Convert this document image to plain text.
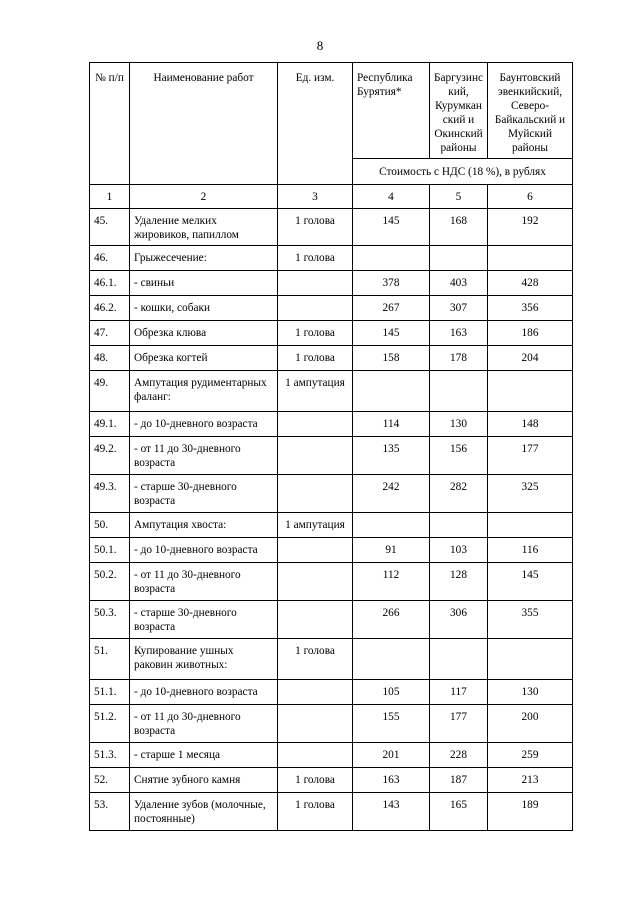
8
№ п/п	Наименование работ	Ед. изм.	Республика Бурятия*	Баргузинс кий, Курумкан ский и Окинский районы	Баунтовский эвенкийский, Северо-Байкальский и Муйский районы
			Стоимость с НДС (18 %), в рублях		
1	2	3	4	5	6
45.	Удаление мелких жировиков, папиллом	1 голова	145	168	192
46.	Грыжесечение:	1 голова			
46.1.	- свиньи		378	403	428
46.2.	- кошки, собаки		267	307	356
47.	Обрезка клюва	1 голова	145	163	186
48.	Обрезка когтей	1 голова	158	178	204
49.	Ампутация рудиментарных фаланг:	1 ампутация			
49.1.	- до 10-дневного возраста		114	130	148
49.2.	- от 11 до 30-дневного возраста		135	156	177
49.3.	- старше 30-дневного возраста		242	282	325
50.	Ампутация хвоста:	1 ампутация			
50.1.	- до 10-дневного возраста		91	103	116
50.2.	- от 11 до 30-дневного возраста		112	128	145
50.3.	- старше 30-дневного возраста		266	306	355
51.	Купирование ушных раковин животных:	1 голова			
51.1.	- до 10-дневного возраста		105	117	130
51.2.	- от 11 до 30-дневного возраста		155	177	200
51.3.	- старше 1 месяца		201	228	259
52.	Снятие зубного камня	1 голова	163	187	213
53.	Удаление зубов (молочные, постоянные)	1 голова	143	165	189
